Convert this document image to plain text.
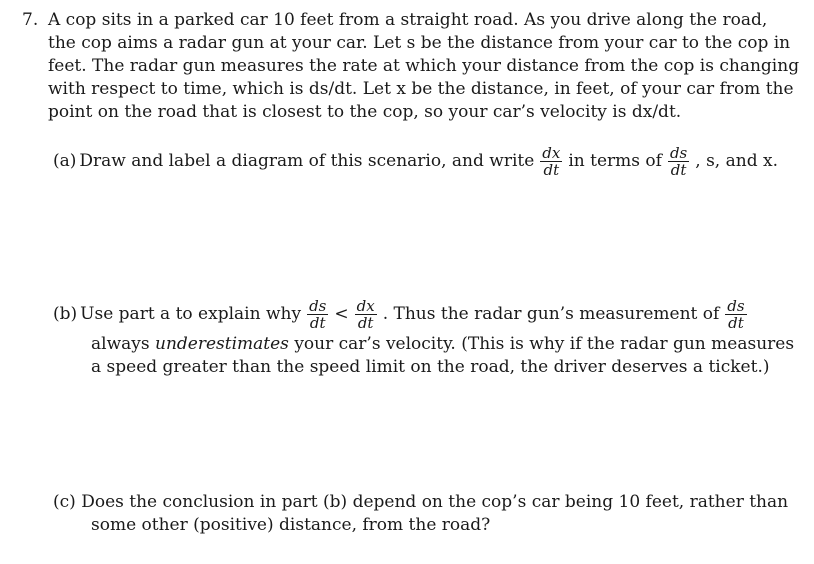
7. A cop sits in a parked car 10 feet from a straight road. As you drive along the road,
the cop aims a radar gun at your car. Let s be the distance from your car to the cop in
feet. The radar gun measures the rate at which your distance from the cop is changing
with respect to time, which is ds/dt. Let x be the distance, in feet, of your car from the
point on the road that is closest to the cop, so your car’s velocity is dx/dt.
(a) Draw and label a diagram of this scenario, and write $\frac{dx}{dt}$ in terms of $\frac{ds}{dt}$ , s, and x.
(b) Use part a to explain why $\frac{ds}{dt} < \frac{dx}{dt}$ . Thus the radar gun’s measurement of $\frac{ds}{dt}$
always underestimates your car’s velocity. (This is why if the radar gun measures
a speed greater than the speed limit on the road, the driver deserves a ticket.)
(c) Does the conclusion in part (b) depend on the cop’s car being 10 feet, rather than
some other (positive) distance, from the road?
